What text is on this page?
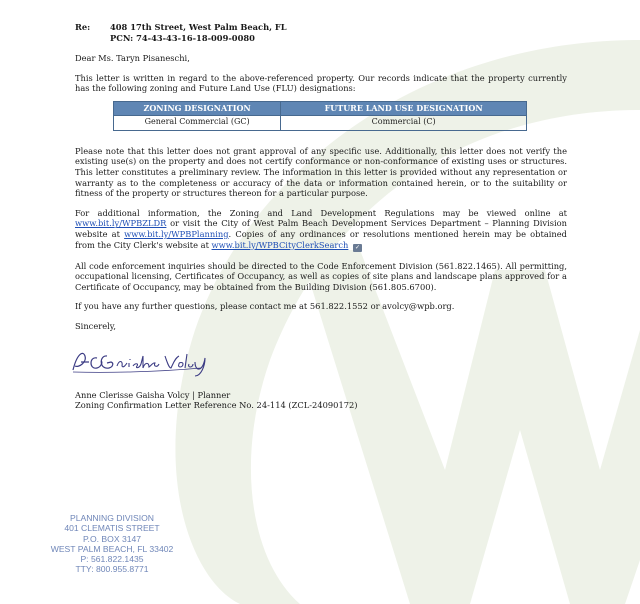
Re:	408 17th Street, West Palm Beach, FL
PCN: 74-43-43-16-18-009-0080

Dear Ms. Taryn Pisaneschi,

This letter is written in regard to the above-referenced property. Our records indicate that the property currently has the following zoning and Future Land Use (FLU) designations:

ZONING DESIGNATION	FUTURE LAND USE DESIGNATION
General Commercial (GC)	Commercial (C)

Please note that this letter does not grant approval of any specific use. Additionally, this letter does not verify the existing use(s) on the property and does not certify conformance or non-conformance of existing uses or structures. This letter constitutes a preliminary review. The information in this letter is provided without any representation or warranty as to the completeness or accuracy of the data or information contained herein, or to the suitability or fitness of the property or structures thereon for a particular purpose.

For additional information, the Zoning and Land Development Regulations may be viewed online at www.bit.ly/WPBZLDR or visit the City of West Palm Beach Development Services Department – Planning Division website at www.bit.ly/WPBPlanning. Copies of any ordinances or resolutions mentioned herein may be obtained from the City Clerk's website at www.bit.ly/WPBCityClerkSearch ✓

All code enforcement inquiries should be directed to the Code Enforcement Division (561.822.1465). All permitting, occupational licensing, Certificates of Occupancy, as well as copies of site plans and landscape plans approved for a Certificate of Occupancy, may be obtained from the Building Division (561.805.6700).

If you have any further questions, please contact me at 561.822.1552 or avolcy@wpb.org.

Sincerely,

Anne Clerisse Gaisha Volcy | Planner

Zoning Confirmation Letter Reference No. 24-114 (ZCL-24090172)

PLANNING DIVISION
401 CLEMATIS STREET
P.O. BOX 3147
WEST PALM BEACH, FL 33402
P: 561.822.1435
TTY: 800.955.8771
